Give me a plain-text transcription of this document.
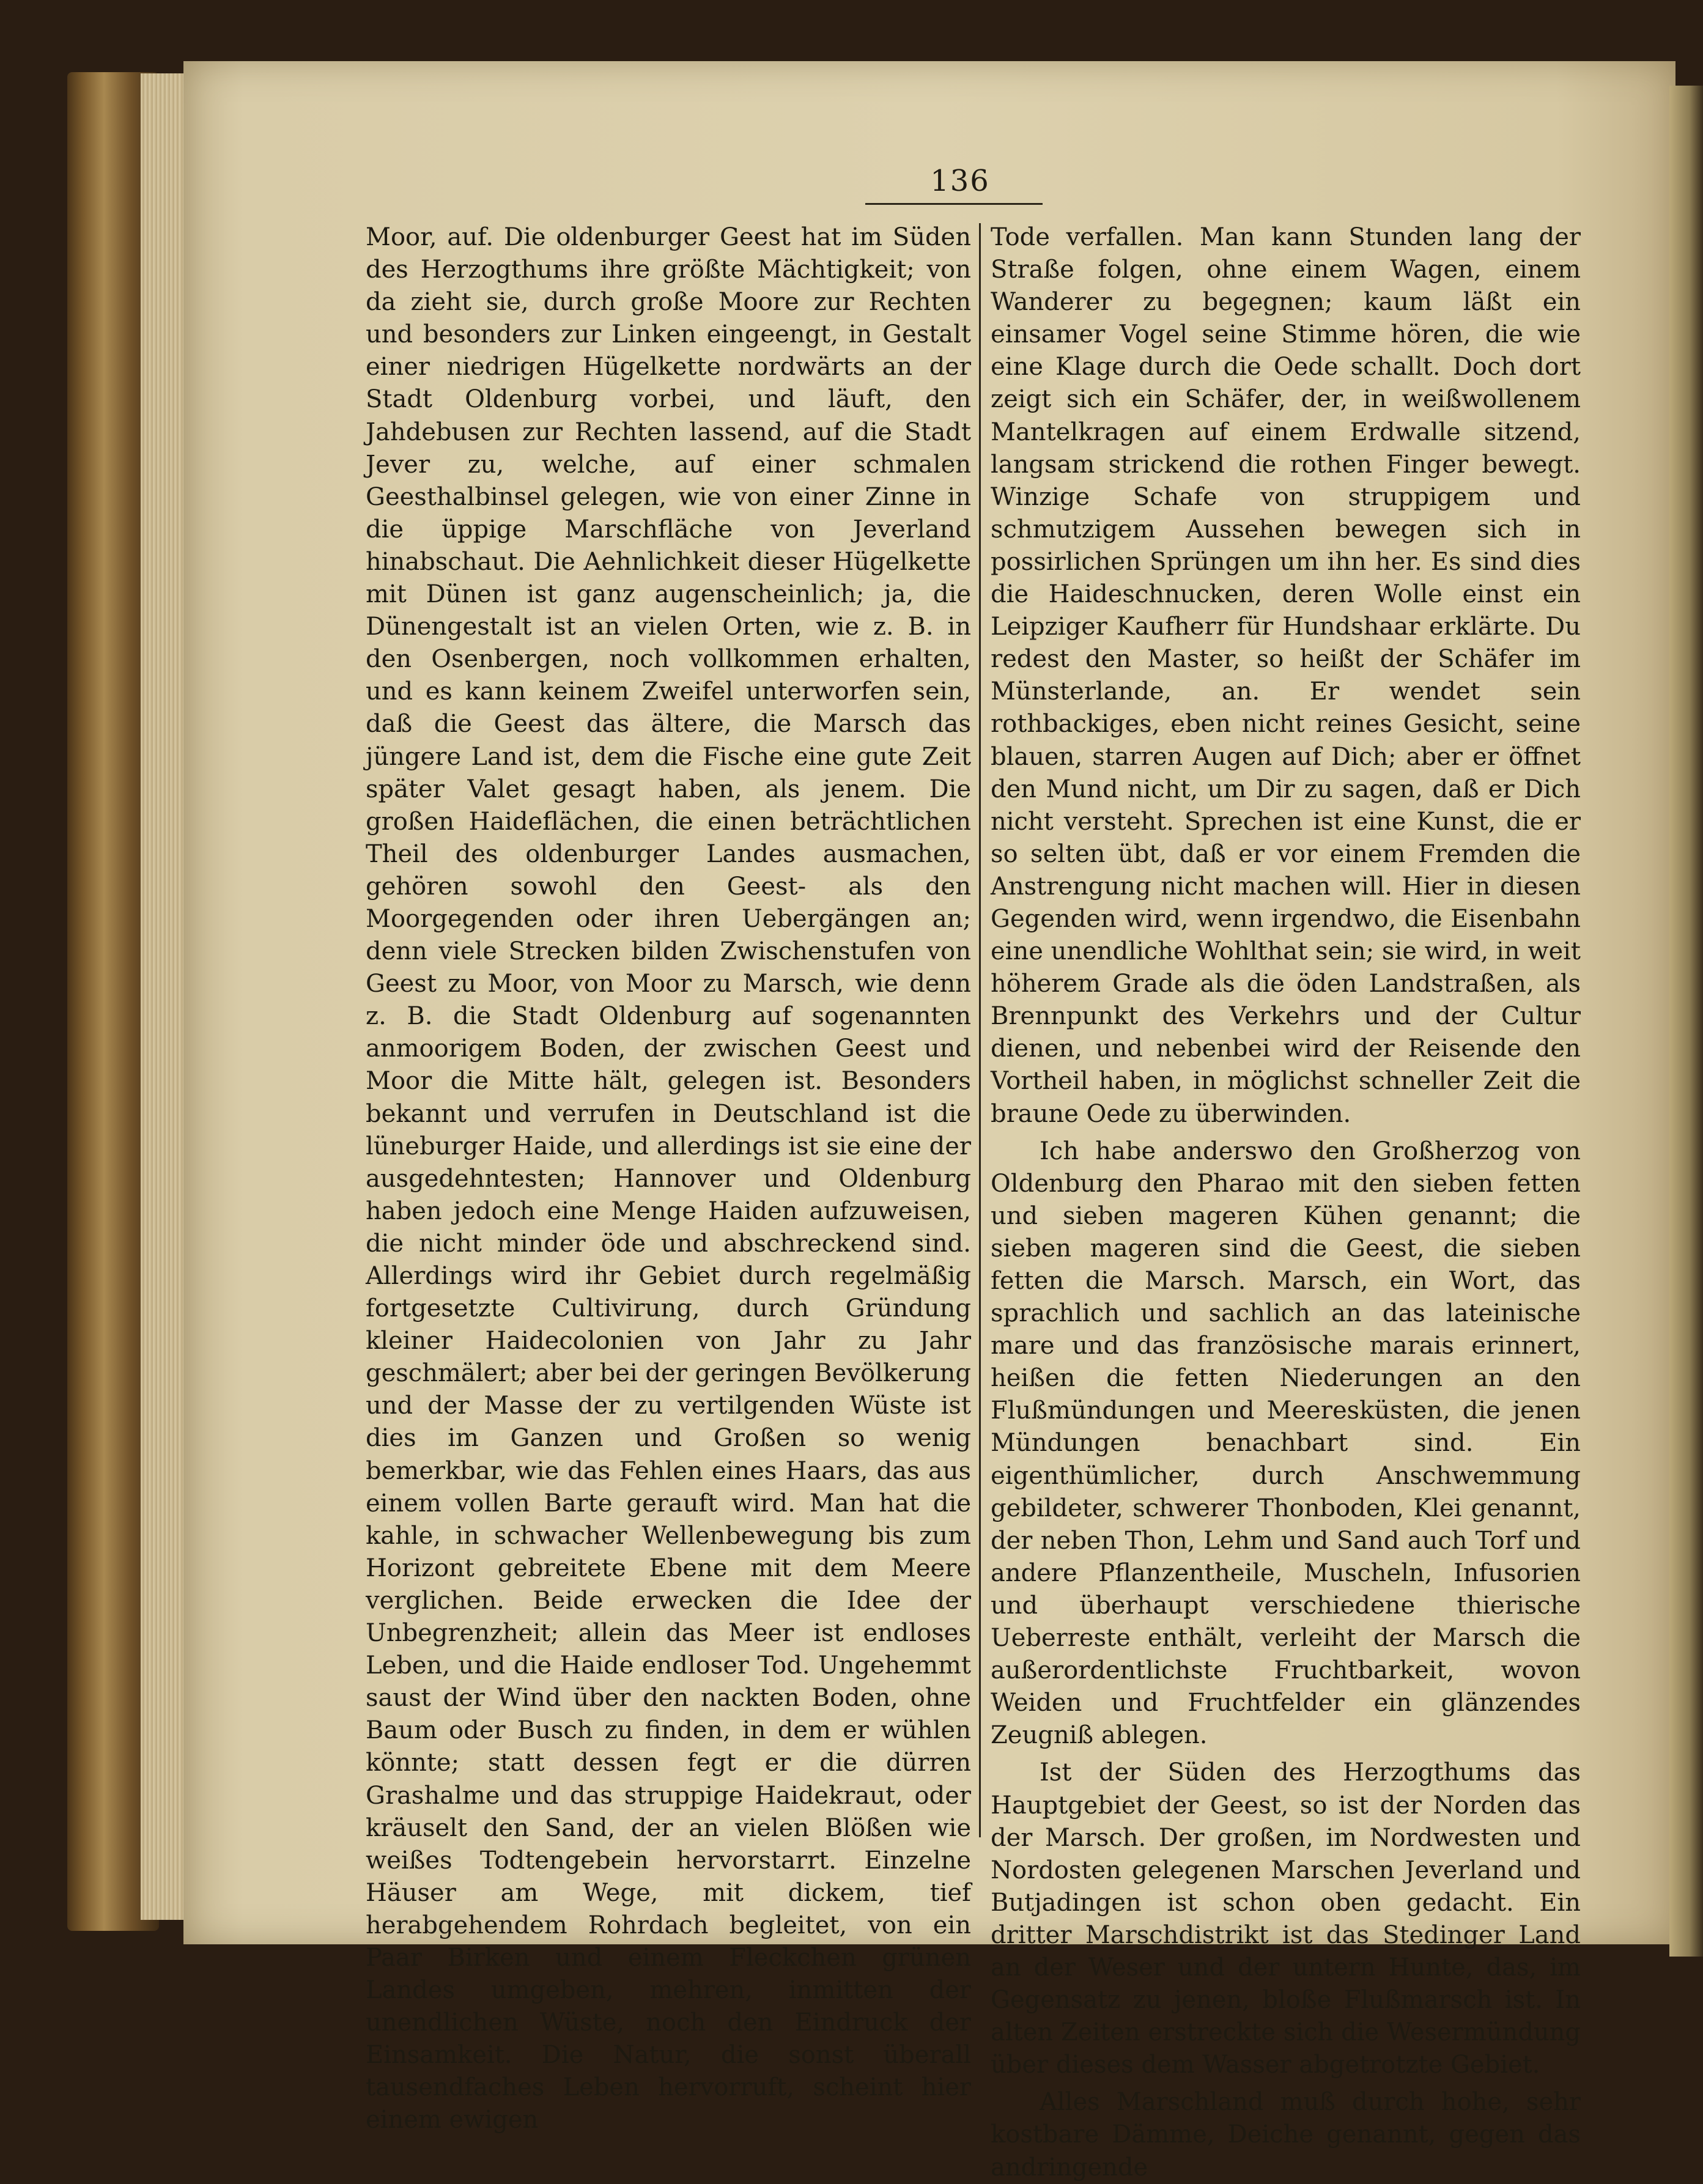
136

Moor, auf. Die oldenburger Geest hat im Süden des Herzogthums ihre größte Mächtigkeit; von da zieht sie, durch große Moore zur Rechten und besonders zur Linken eingeengt, in Gestalt einer niedrigen Hügelkette nordwärts an der Stadt Oldenburg vorbei, und läuft, den Jahdebusen zur Rechten lassend, auf die Stadt Jever zu, welche, auf einer schmalen Geesthalbinsel gelegen, wie von einer Zinne in die üppige Marschfläche von Jeverland hinabschaut. Die Aehnlichkeit dieser Hügelkette mit Dünen ist ganz augenscheinlich; ja, die Dünengestalt ist an vielen Orten, wie z. B. in den Osenbergen, noch vollkommen erhalten, und es kann keinem Zweifel unterworfen sein, daß die Geest das ältere, die Marsch das jüngere Land ist, dem die Fische eine gute Zeit später Valet gesagt haben, als jenem. Die großen Haideflächen, die einen beträchtlichen Theil des oldenburger Landes ausmachen, gehören sowohl den Geest- als den Moorgegenden oder ihren Uebergängen an; denn viele Strecken bilden Zwischenstufen von Geest zu Moor, von Moor zu Marsch, wie denn z. B. die Stadt Oldenburg auf sogenannten anmoorigem Boden, der zwischen Geest und Moor die Mitte hält, gelegen ist. Besonders bekannt und verrufen in Deutschland ist die lüneburger Haide, und allerdings ist sie eine der ausgedehntesten; Hannover und Oldenburg haben jedoch eine Menge Haiden aufzuweisen, die nicht minder öde und abschreckend sind. Allerdings wird ihr Gebiet durch regelmäßig fortgesetzte Cultivirung, durch Gründung kleiner Haidecolonien von Jahr zu Jahr geschmälert; aber bei der geringen Bevölkerung und der Masse der zu vertilgenden Wüste ist dies im Ganzen und Großen so wenig bemerkbar, wie das Fehlen eines Haars, das aus einem vollen Barte gerauft wird. Man hat die kahle, in schwacher Wellenbewegung bis zum Horizont gebreitete Ebene mit dem Meere verglichen. Beide erwecken die Idee der Unbegrenzheit; allein das Meer ist endloses Leben, und die Haide endloser Tod. Ungehemmt saust der Wind über den nackten Boden, ohne Baum oder Busch zu finden, in dem er wühlen könnte; statt dessen fegt er die dürren Grashalme und das struppige Haidekraut, oder kräuselt den Sand, der an vielen Blößen wie weißes Todtengebein hervorstarrt. Einzelne Häuser am Wege, mit dickem, tief herabgehendem Rohrdach begleitet, von ein Paar Birken und einem Fleckchen grünen Landes umgeben, mehren, inmitten der unendlichen Wüste, noch den Eindruck der Einsamkeit. Die Natur, die sonst überall tausendfaches Leben hervorruft, scheint hier einem ewigen

Tode verfallen. Man kann Stunden lang der Straße folgen, ohne einem Wagen, einem Wanderer zu begegnen; kaum läßt ein einsamer Vogel seine Stimme hören, die wie eine Klage durch die Oede schallt. Doch dort zeigt sich ein Schäfer, der, in weißwollenem Mantelkragen auf einem Erdwalle sitzend, langsam strickend die rothen Finger bewegt. Winzige Schafe von struppigem und schmutzigem Aussehen bewegen sich in possirlichen Sprüngen um ihn her. Es sind dies die Haideschnucken, deren Wolle einst ein Leipziger Kaufherr für Hundshaar erklärte. Du redest den Master, so heißt der Schäfer im Münsterlande, an. Er wendet sein rothbackiges, eben nicht reines Gesicht, seine blauen, starren Augen auf Dich; aber er öffnet den Mund nicht, um Dir zu sagen, daß er Dich nicht versteht. Sprechen ist eine Kunst, die er so selten übt, daß er vor einem Fremden die Anstrengung nicht machen will. Hier in diesen Gegenden wird, wenn irgendwo, die Eisenbahn eine unendliche Wohlthat sein; sie wird, in weit höherem Grade als die öden Landstraßen, als Brennpunkt des Verkehrs und der Cultur dienen, und nebenbei wird der Reisende den Vortheil haben, in möglichst schneller Zeit die braune Oede zu überwinden.

Ich habe anderswo den Großherzog von Oldenburg den Pharao mit den sieben fetten und sieben mageren Kühen genannt; die sieben mageren sind die Geest, die sieben fetten die Marsch. Marsch, ein Wort, das sprachlich und sachlich an das lateinische mare und das französische marais erinnert, heißen die fetten Niederungen an den Flußmündungen und Meeresküsten, die jenen Mündungen benachbart sind. Ein eigenthümlicher, durch Anschwemmung gebildeter, schwerer Thonboden, Klei genannt, der neben Thon, Lehm und Sand auch Torf und andere Pflanzentheile, Muscheln, Infusorien und überhaupt verschiedene thierische Ueberreste enthält, verleiht der Marsch die außerordentlichste Fruchtbarkeit, wovon Weiden und Fruchtfelder ein glänzendes Zeugniß ablegen.

Ist der Süden des Herzogthums das Hauptgebiet der Geest, so ist der Norden das der Marsch. Der großen, im Nordwesten und Nordosten gelegenen Marschen Jeverland und Butjadingen ist schon oben gedacht. Ein dritter Marschdistrikt ist das Stedinger Land an der Weser und der untern Hunte, das, im Gegensatz zu jenen, bloße Flußmarsch ist. In alten Zeiten erstreckte sich die Wesermündung über dieses dem Wasser abgetrotzte Gebiet.

Alles Marschland muß durch hohe, sehr kostbare Dämme, Deiche genannt, gegen das andringende
